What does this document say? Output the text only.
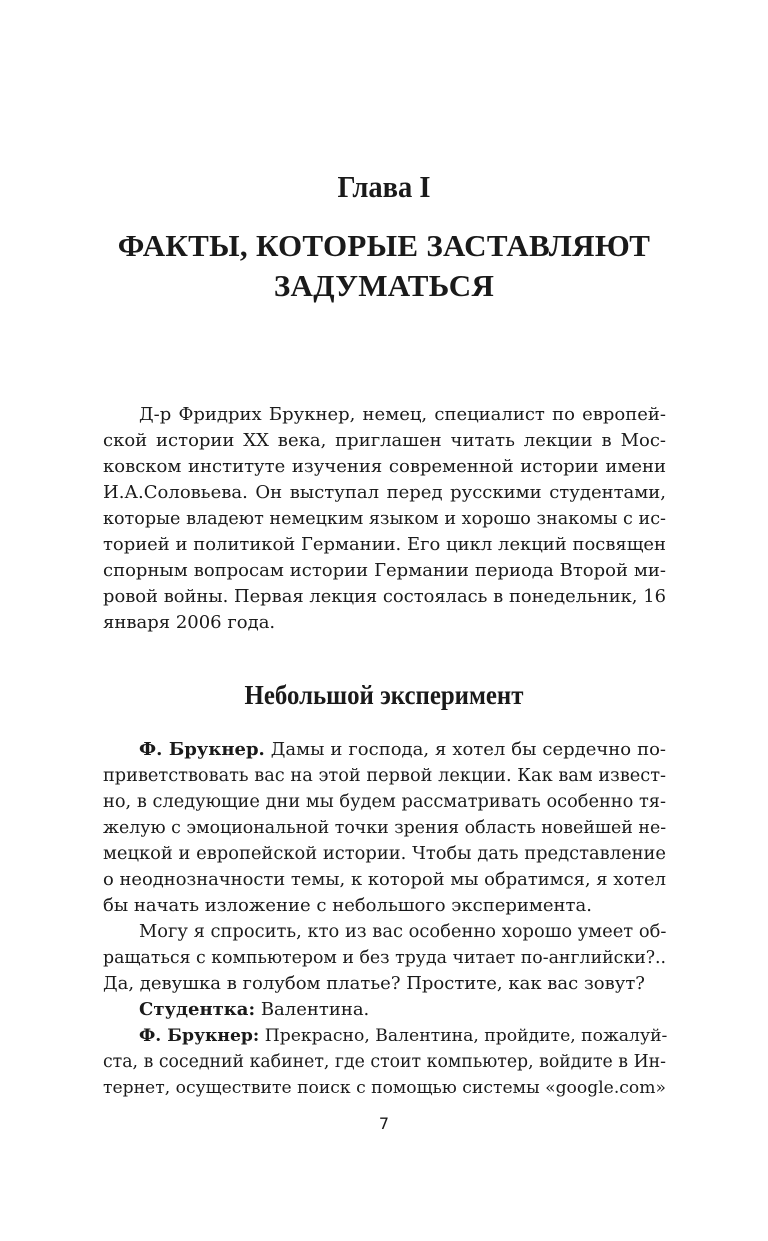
Глава I
ФАКТЫ, КОТОРЫЕ ЗАСТАВЛЯЮТ
ЗАДУМАТЬСЯ
Д-р Фридрих Брукнер, немец, специалист по европей-
ской истории XX века, приглашен читать лекции в Мос-
ковском институте изучения современной истории имени
И.А.Соловьева. Он выступал перед русскими студентами,
которые владеют немецким языком и хорошо знакомы с ис-
торией и политикой Германии. Его цикл лекций посвящен
спорным вопросам истории Германии периода Второй ми-
ровой войны. Первая лекция состоялась в понедельник, 16
января 2006 года.
Небольшой эксперимент
Ф. Брукнер. Дамы и господа, я хотел бы сердечно по-
приветствовать вас на этой первой лекции. Как вам извест-
но, в следующие дни мы будем рассматривать особенно тя-
желую с эмоциональной точки зрения область новейшей не-
мецкой и европейской истории. Чтобы дать представление
о неоднозначности темы, к которой мы обратимся, я хотел
бы начать изложение с небольшого эксперимента.
Могу я спросить, кто из вас особенно хорошо умеет об-
ращаться с компьютером и без труда читает по-английски?..
Да, девушка в голубом платье? Простите, как вас зовут?
Студентка: Валентина.
Ф. Брукнер: Прекрасно, Валентина, пройдите, пожалуй-
ста, в соседний кабинет, где стоит компьютер, войдите в Ин-
тернет, осуществите поиск с помощью системы «google.com»
7
